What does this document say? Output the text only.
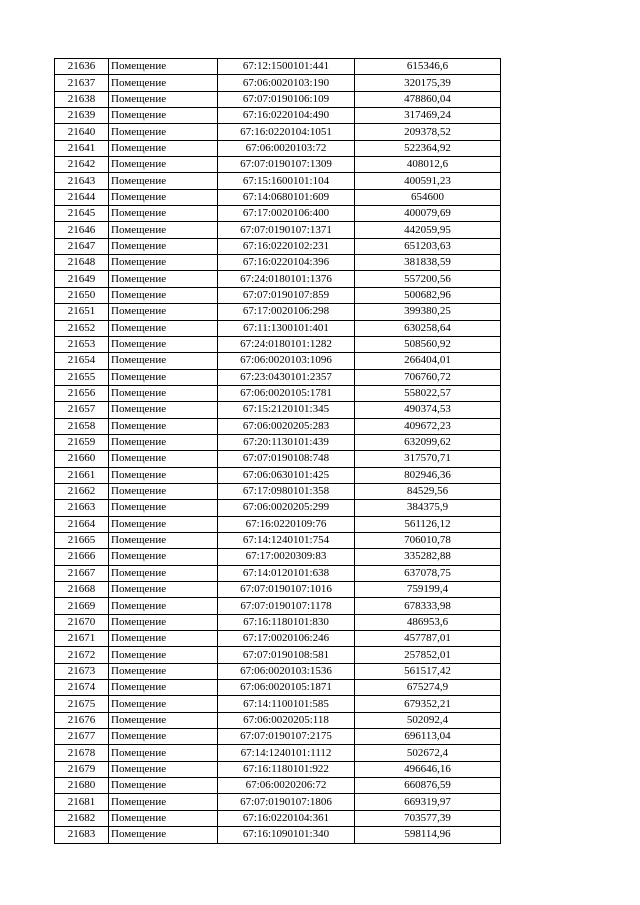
21636	Помещение	67:12:1500101:441	615346,6
21637	Помещение	67:06:0020103:190	320175,39
21638	Помещение	67:07:0190106:109	478860,04
21639	Помещение	67:16:0220104:490	317469,24
21640	Помещение	67:16:0220104:1051	209378,52
21641	Помещение	67:06:0020103:72	522364,92
21642	Помещение	67:07:0190107:1309	408012,6
21643	Помещение	67:15:1600101:104	400591,23
21644	Помещение	67:14:0680101:609	654600
21645	Помещение	67:17:0020106:400	400079,69
21646	Помещение	67:07:0190107:1371	442059,95
21647	Помещение	67:16:0220102:231	651203,63
21648	Помещение	67:16:0220104:396	381838,59
21649	Помещение	67:24:0180101:1376	557200,56
21650	Помещение	67:07:0190107:859	500682,96
21651	Помещение	67:17:0020106:298	399380,25
21652	Помещение	67:11:1300101:401	630258,64
21653	Помещение	67:24:0180101:1282	508560,92
21654	Помещение	67:06:0020103:1096	266404,01
21655	Помещение	67:23:0430101:2357	706760,72
21656	Помещение	67:06:0020105:1781	558022,57
21657	Помещение	67:15:2120101:345	490374,53
21658	Помещение	67:06:0020205:283	409672,23
21659	Помещение	67:20:1130101:439	632099,62
21660	Помещение	67:07:0190108:748	317570,71
21661	Помещение	67:06:0630101:425	802946,36
21662	Помещение	67:17:0980101:358	84529,56
21663	Помещение	67:06:0020205:299	384375,9
21664	Помещение	67:16:0220109:76	561126,12
21665	Помещение	67:14:1240101:754	706010,78
21666	Помещение	67:17:0020309:83	335282,88
21667	Помещение	67:14:0120101:638	637078,75
21668	Помещение	67:07:0190107:1016	759199,4
21669	Помещение	67:07:0190107:1178	678333,98
21670	Помещение	67:16:1180101:830	486953,6
21671	Помещение	67:17:0020106:246	457787,01
21672	Помещение	67:07:0190108:581	257852,01
21673	Помещение	67:06:0020103:1536	561517,42
21674	Помещение	67:06:0020105:1871	675274,9
21675	Помещение	67:14:1100101:585	679352,21
21676	Помещение	67:06:0020205:118	502092,4
21677	Помещение	67:07:0190107:2175	696113,04
21678	Помещение	67:14:1240101:1112	502672,4
21679	Помещение	67:16:1180101:922	496646,16
21680	Помещение	67:06:0020206:72	660876,59
21681	Помещение	67:07:0190107:1806	669319,97
21682	Помещение	67:16:0220104:361	703577,39
21683	Помещение	67:16:1090101:340	598114,96
